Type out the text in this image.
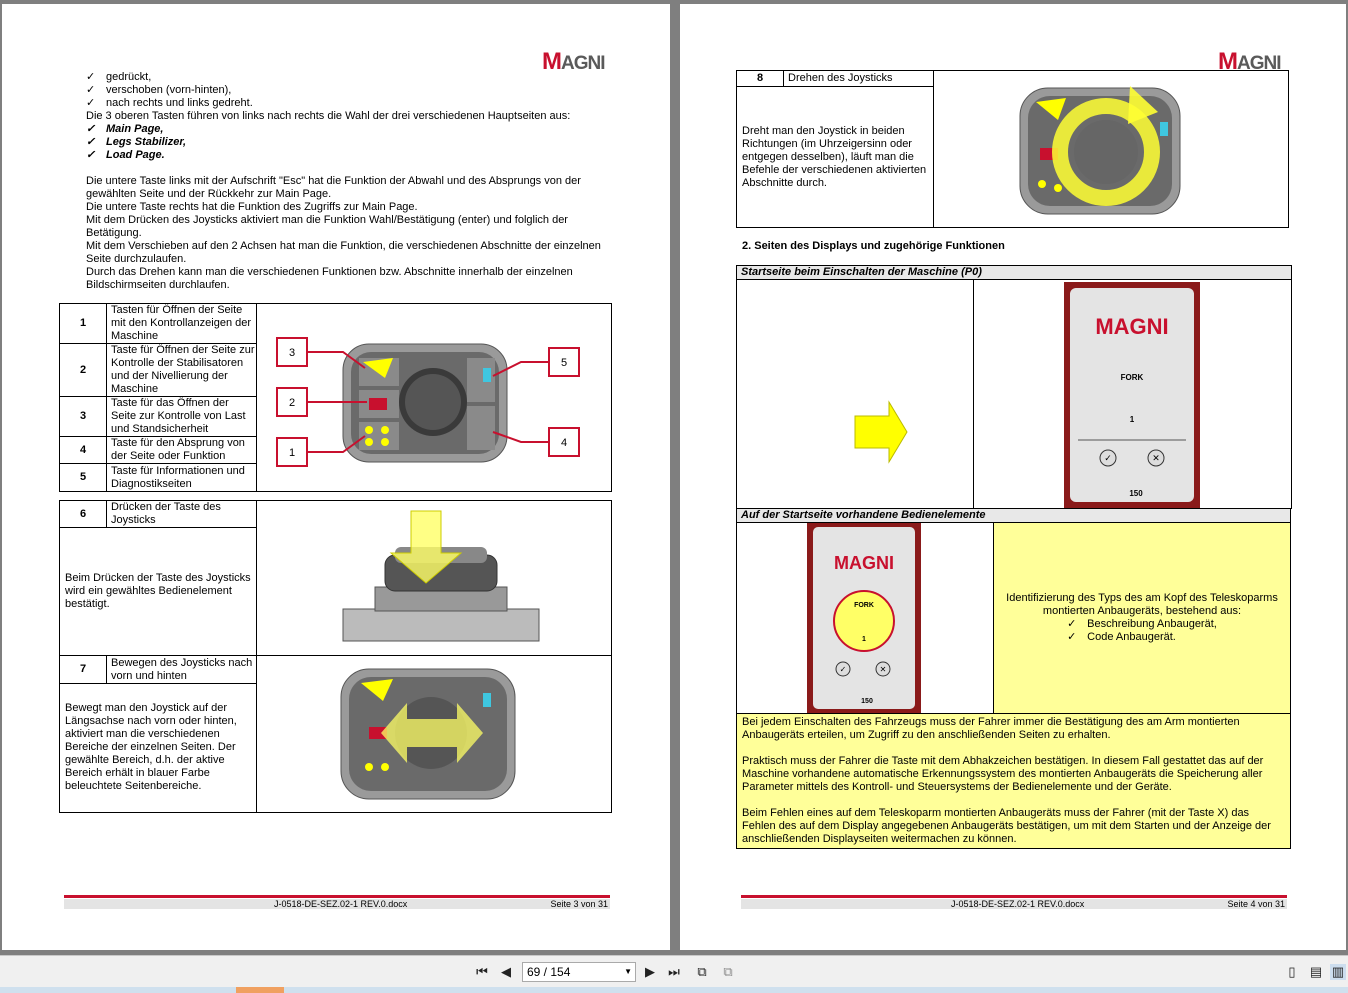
MAGNI
✓ gedrückt,
✓ verschoben (vorn-hinten),
✓ nach rechts und links gedreht.
Die 3 oberen Tasten führen von links nach rechts die Wahl der drei verschiedenen Hauptseiten aus:
✓ Main Page,
✓ Legs Stabilizer,
✓ Load Page.
Die untere Taste links mit der Aufschrift "Esc" hat die Funktion der Abwahl und des Absprungs von der gewählten Seite und der Rückkehr zur Main Page.
Die untere Taste rechts hat die Funktion des Zugriffs zur Main Page.
Mit dem Drücken des Joysticks aktiviert man die Funktion Wahl/Bestätigung (enter) und folglich der Betätigung.
Mit dem Verschieben auf den 2 Achsen hat man die Funktion, die verschiedenen Abschnitte der einzelnen Seite durchzulaufen.
Durch das Drehen kann man die verschiedenen Funktionen bzw. Abschnitte innerhalb der einzelnen Bildschirmseiten durchlaufen.
1	Tasten für Öffnen der Seite mit den Kontrollanzeigen der Maschine	3
2
1
5
4

2	Taste für Öffnen der Seite zur Kontrolle der Stabilisatoren und der Nivellierung der Maschine	
3	Taste für das Öffnen der Seite zur Kontrolle von Last und Standsicherheit	
4	Taste für den Absprung von der Seite oder Funktion	
5	Taste für Informationen und Diagnostikseiten	
6	Drücken der Taste des Joysticks	

Beim Drücken der Taste des Joysticks wird ein gewähltes Bedienelement bestätigt.		
7	Bewegen des Joysticks nach vorn und hinten	

Bewegt man den Joystick auf der Längsachse nach vorn oder hinten, aktiviert man die verschiedenen Bereiche der einzelnen Seiten. Der gewählte Bereich, d.h. der aktive Bereich erhält in blauer Farbe beleuchtete Seitenbereiche.		
J-0518-DE-SEZ.02-1 REV.0.docx	Seite 3 von 31
MAGNI
8	Drehen des Joysticks	

Dreht man den Joystick in beiden Richtungen (im Uhrzeigersinn oder entgegen desselben), läuft man die Befehle der verschiedenen aktivierten Abschnitte durch.
2. Seiten des Displays und zugehörige Funktionen
Startseite beim Einschalten der Maschine (P0)

MAGNI
FORK
1
✓	✕
150
Auf der Startseite vorhandene Bedienelemente

MAGNI
FORK
1
✓	✕
150

Identifizierung des Typs des am Kopf des Teleskoparms montierten Anbaugeräts, bestehend aus:
✓ Beschreibung Anbaugerät,
✓ Code Anbaugerät.

Bei jedem Einschalten des Fahrzeugs muss der Fahrer immer die Bestätigung des am Arm montierten Anbaugeräts erteilen, um Zugriff zu den anschließenden Seiten zu erhalten.
Praktisch muss der Fahrer die Taste mit dem Abhakzeichen bestätigen. In diesem Fall gestattet das auf der Maschine vorhandene automatische Erkennungssystem des montierten Anbaugeräts die Speicherung aller Parameter mittels des Kontroll- und Steuersystems der Bedienelemente und der Geräte.
Beim Fehlen eines auf dem Teleskoparm montierten Anbaugeräts muss der Fahrer (mit der Taste X) das Fehlen des auf dem Display angegebenen Anbaugeräts bestätigen, um mit dem Starten und der Anzeige der anschließenden Displayseiten weitermachen zu können.
J-0518-DE-SEZ.02-1 REV.0.docx	Seite 4 von 31
⏮ ◀	69 / 154	▼ ▶ ⏭ ⧉ ⧉	▯	▤ ▥
